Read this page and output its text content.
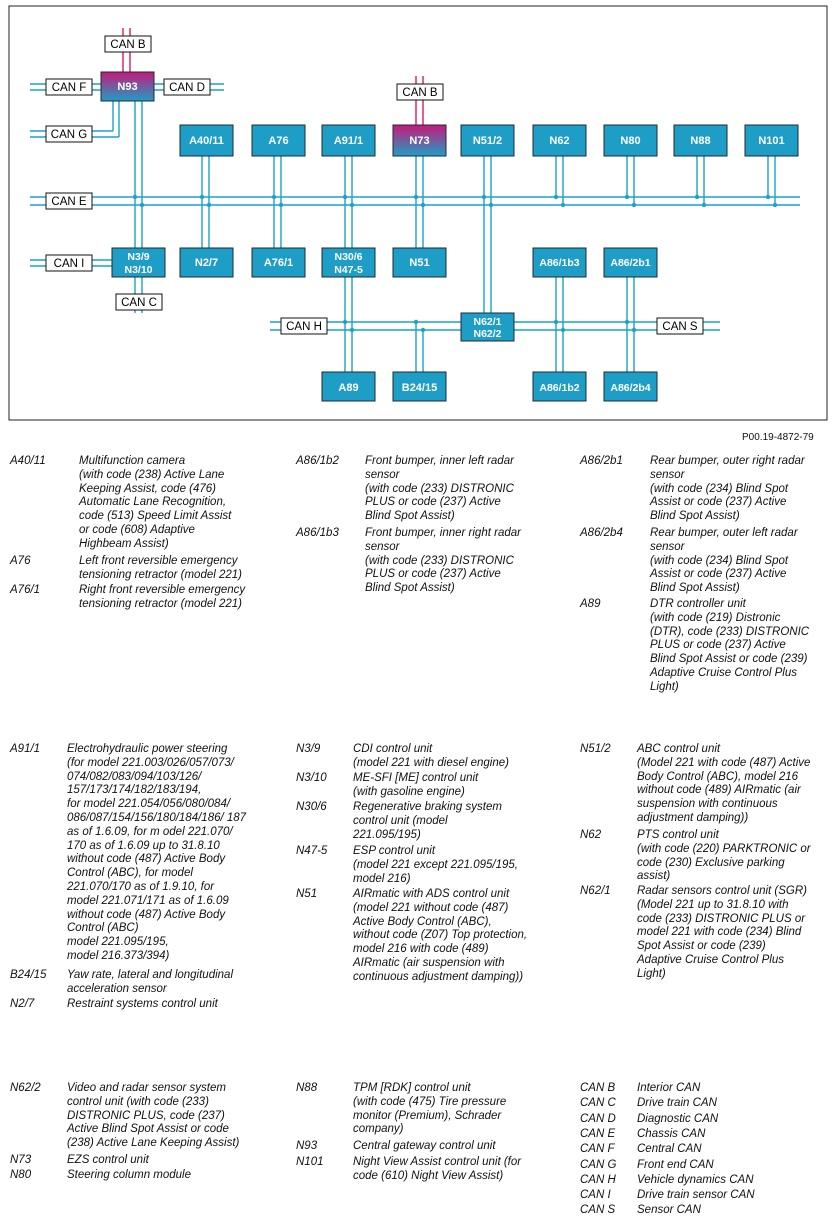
N93
N73
A40/11	A76	A91/1	N51/2	N62	N80	N88	N101
N3/9
N3/10
N2/7	A76/1	N30/6
N47-5
N51	A86/1b3	A86/2b1
N62/1
N62/2
A89	B24/15	A86/1b2	A86/2b4
CAN B
CAN F	CAN D
CAN G
CAN E
CAN I
CAN C
CAN B
CAN H	CAN S
P00.19-4872-79
A40/11	Multifunction camera
(with code (238) Active Lane
Keeping Assist, code (476)
Automatic Lane Recognition,
code (513) Speed Limit Assist
or code (608) Adaptive
Highbeam Assist)
A76	Left front reversible emergency
tensioning retractor (model 221)
A76/1	Right front reversible emergency
tensioning retractor (model 221)
A86/1b2 Front bumper, inner left radar
sensor
(with code (233) DISTRONIC
PLUS or code (237) Active
Blind Spot Assist)
A86/1b3 Front bumper, inner right radar
sensor
(with code (233) DISTRONIC
PLUS or code (237) Active
Blind Spot Assist)
A86/2b1 Rear bumper, outer right radar
sensor
(with code (234) Blind Spot
Assist or code (237) Active
Blind Spot Assist)
A86/2b4 Rear bumper, outer left radar
sensor
(with code (234) Blind Spot
Assist or code (237) Active
Blind Spot Assist)
A89	DTR controller unit
(with code (219) Distronic
(DTR), code (233) DISTRONIC
PLUS or code (237) Active
Blind Spot Assist or code (239)
Adaptive Cruise Control Plus
Light)
A91/1 Electrohydraulic power steering
(for model 221.003/026/057/073/
074/082/083/094/103/126/
157/173/174/182/183/194,
for model 221.054/056/080/084/
086/087/154/156/180/184/186/ 187
as of 1.6.09, for m odel 221.070/
170 as of 1.6.09 up to 31.8.10
without code (487) Active Body
Control (ABC), for model
221.070/170 as of 1.9.10, for
model 221.071/171 as of 1.6.09
without code (487) Active Body
Control (ABC)
model 221.095/195,
model 216.373/394)
B24/15 Yaw rate, lateral and longitudinal
acceleration sensor
N2/7	Restraint systems control unit
N3/9	CDI control unit
(model 221 with diesel engine)
N3/10 ME-SFI [ME] control unit
(with gasoline engine)
N30/6 Regenerative braking system
control unit (model
221.095/195)
N47-5 ESP control unit
(model 221 except 221.095/195,
model 216)
N51	AIRmatic with ADS control unit
(model 221 without code (487)
Active Body Control (ABC),
without code (Z07) Top protection,
model 216 with code (489)
AIRmatic (air suspension with
continuous adjustment damping))
N51/2 ABC control unit
(Model 221 with code (487) Active
Body Control (ABC), model 216
without code (489) AIRmatic (air
suspension with continuous
adjustment damping))
N62	PTS control unit
(with code (220) PARKTRONIC or
code (230) Exclusive parking
assist)
N62/1 Radar sensors control unit (SGR)
(Model 221 up to 31.8.10 with
code (233) DISTRONIC PLUS or
model 221 with code (234) Blind
Spot Assist or code (239)
Adaptive Cruise Control Plus
Light)
N62/2 Video and radar sensor system
control unit (with code (233)
DISTRONIC PLUS, code (237)
Active Blind Spot Assist or code
(238) Active Lane Keeping Assist)
N73	EZS control unit
N80	Steering column module
N88	TPM [RDK] control unit
(with code (475) Tire pressure
monitor (Premium), Schrader
company)
N93	Central gateway control unit
N101	Night View Assist control unit (for
code (610) Night View Assist)
CAN B Interior CAN
CAN C Drive train CAN
CAN D Diagnostic CAN
CAN E Chassis CAN
CAN F Central CAN
CAN G Front end CAN
CAN H Vehicle dynamics CAN
CAN I Drive train sensor CAN
CAN S Sensor CAN
